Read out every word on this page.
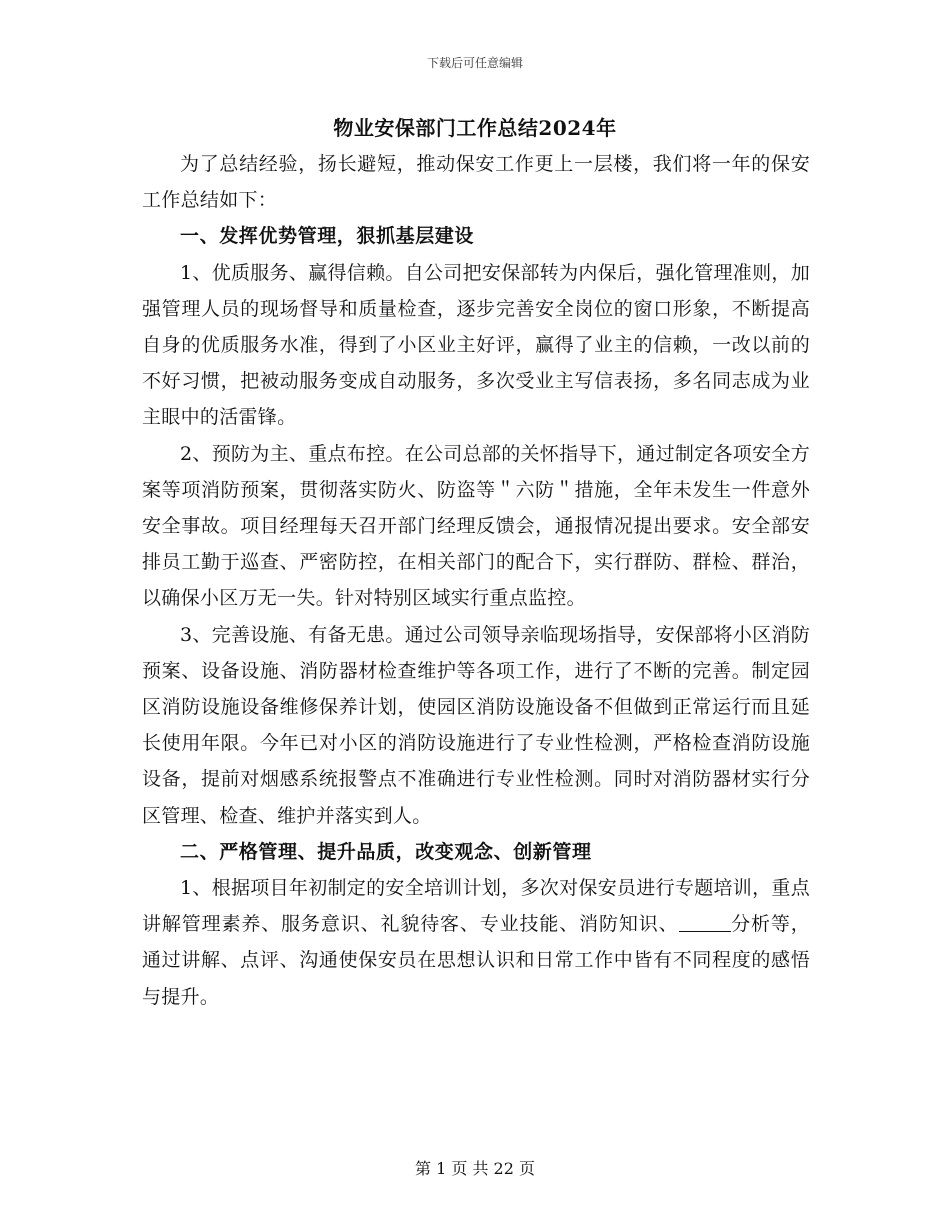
下载后可任意编辑
物业安保部门工作总结2024年

为了总结经验，扬长避短，推动保安工作更上一层楼，我们将一年的保安工作总结如下：

一、发挥优势管理，狠抓基层建设

1、优质服务、赢得信赖。自公司把安保部转为内保后，强化管理准则，加强管理人员的现场督导和质量检查，逐步完善安全岗位的窗口形象，不断提高自身的优质服务水准，得到了小区业主好评，赢得了业主的信赖，一改以前的不好习惯，把被动服务变成自动服务，多次受业主写信表扬，多名同志成为业主眼中的活雷锋。

2、预防为主、重点布控。在公司总部的关怀指导下，通过制定各项安全方案等项消防预案，贯彻落实防火、防盗等＂六防＂措施，全年未发生一件意外安全事故。项目经理每天召开部门经理反馈会，通报情况提出要求。安全部安排员工勤于巡查、严密防控，在相关部门的配合下，实行群防、群检、群治，以确保小区万无一失。针对特别区域实行重点监控。

3、完善设施、有备无患。通过公司领导亲临现场指导，安保部将小区消防预案、设备设施、消防器材检查维护等各项工作，进行了不断的完善。制定园区消防设施设备维修保养计划，使园区消防设施设备不但做到正常运行而且延长使用年限。今年已对小区的消防设施进行了专业性检测，严格检查消防设施设备，提前对烟感系统报警点不准确进行专业性检测。同时对消防器材实行分区管理、检查、维护并落实到人。

二、严格管理、提升品质，改变观念、创新管理

1、根据项目年初制定的安全培训计划，多次对保安员进行专题培训，重点讲解管理素养、服务意识、礼貌待客、专业技能、消防知识、	分析等，通过讲解、点评、沟通使保安员在思想认识和日常工作中皆有不同程度的感悟与提升。

第 1 页 共 22 页
